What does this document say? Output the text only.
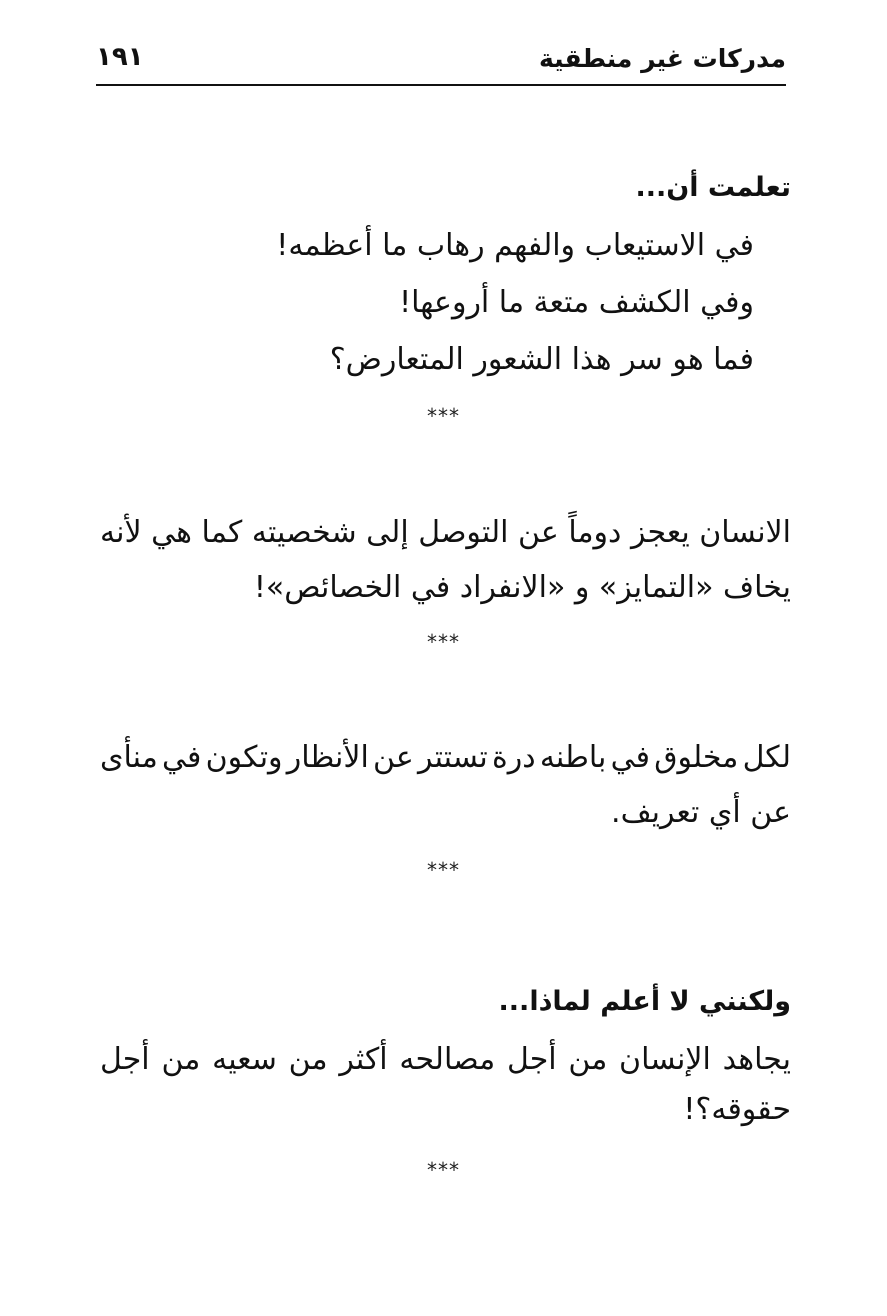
مدركات غير منطقية
١٩١
تعلمت أن...
في الاستيعاب والفهم رهاب ما أعظمه!
وفي الكشف متعة ما أروعها!
فما هو سر هذا الشعور المتعارض؟
***
الانسان
يعجز
دوماً
عن
التوصل
إلى
شخصيته
كما
هي
لأنه
يخاف «التمايز» و «الانفراد في الخصائص»!
***
لكل
مخلوق
في
باطنه
درة
تستتر
عن
الأنظار
وتكون
في
منأى
عن أي تعريف.
***
ولكنني لا أعلم لماذا...
يجاهد
الإنسان
من
أجل
مصالحه
أكثر
من
سعيه
من
أجل
حقوقه؟!
***
